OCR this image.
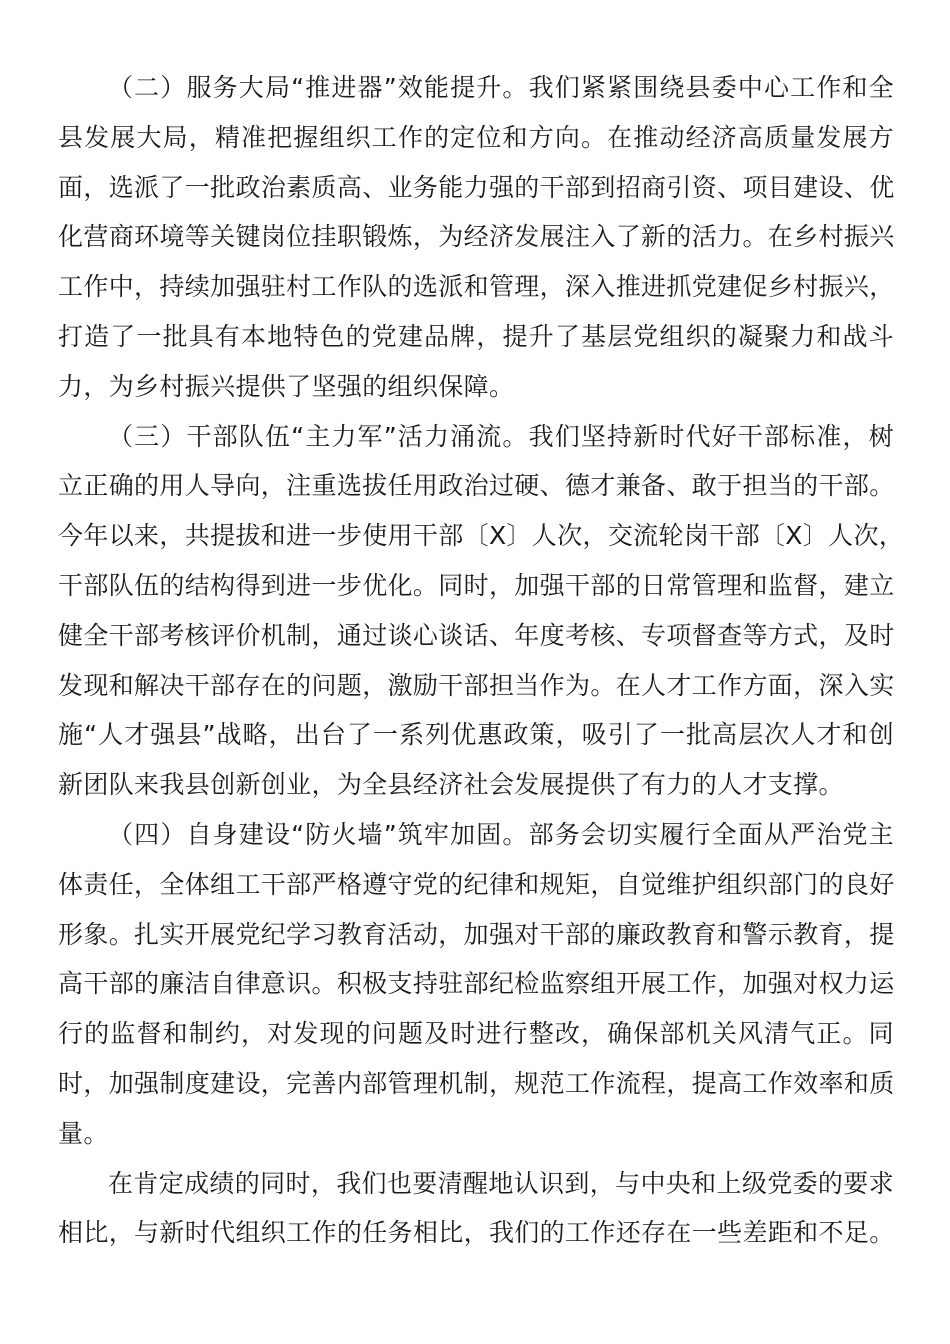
（二）服务大局“推进器”效能提升。我们紧紧围绕县委中心工作和全
县发展大局，精准把握组织工作的定位和方向。在推动经济高质量发展方
面，选派了一批政治素质高、业务能力强的干部到招商引资、项目建设、优
化营商环境等关键岗位挂职锻炼，为经济发展注入了新的活力。在乡村振兴
工作中，持续加强驻村工作队的选派和管理，深入推进抓党建促乡村振兴，
打造了一批具有本地特色的党建品牌，提升了基层党组织的凝聚力和战斗
力，为乡村振兴提供了坚强的组织保障。
（三）干部队伍“主力军”活力涌流。我们坚持新时代好干部标准，树
立正确的用人导向，注重选拔任用政治过硬、德才兼备、敢于担当的干部。
今年以来，共提拔和进一步使用干部〔X〕人次，交流轮岗干部〔X〕人次，
干部队伍的结构得到进一步优化。同时，加强干部的日常管理和监督，建立
健全干部考核评价机制，通过谈心谈话、年度考核、专项督查等方式，及时
发现和解决干部存在的问题，激励干部担当作为。在人才工作方面，深入实
施“人才强县”战略，出台了一系列优惠政策，吸引了一批高层次人才和创
新团队来我县创新创业，为全县经济社会发展提供了有力的人才支撑。
（四）自身建设“防火墙”筑牢加固。部务会切实履行全面从严治党主
体责任，全体组工干部严格遵守党的纪律和规矩，自觉维护组织部门的良好
形象。扎实开展党纪学习教育活动，加强对干部的廉政教育和警示教育，提
高干部的廉洁自律意识。积极支持驻部纪检监察组开展工作，加强对权力运
行的监督和制约，对发现的问题及时进行整改，确保部机关风清气正。同
时，加强制度建设，完善内部管理机制，规范工作流程，提高工作效率和质
量。
在肯定成绩的同时，我们也要清醒地认识到，与中央和上级党委的要求
相比，与新时代组织工作的任务相比，我们的工作还存在一些差距和不足。
